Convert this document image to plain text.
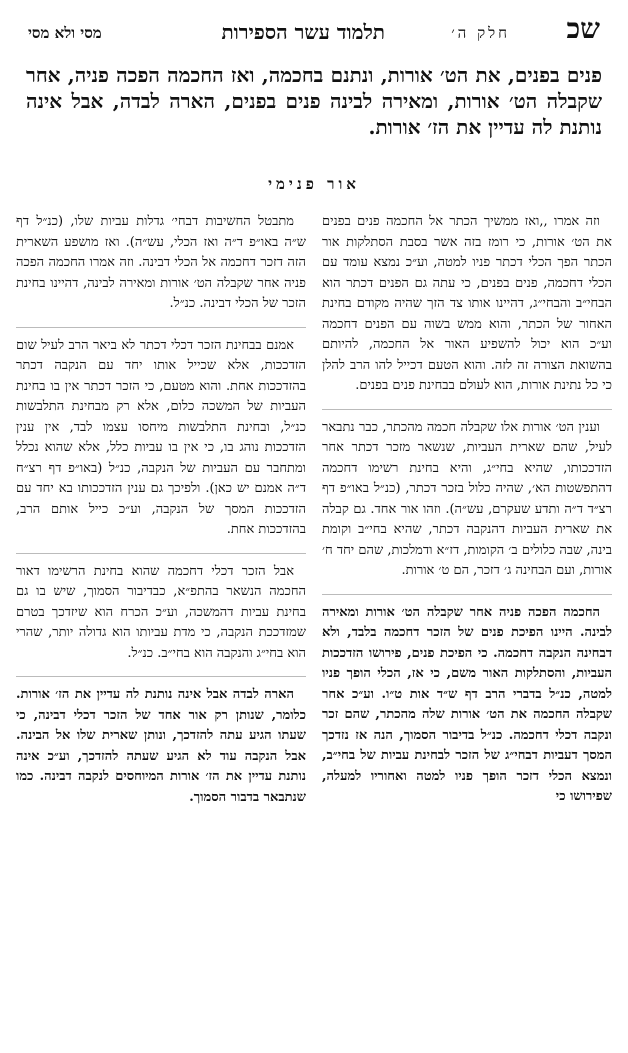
שכ
חלק ה׳
תלמוד עשר הספירות
מסי ולא מסי
פנים בפנים, את הט׳ אורות, ונתנם בחכמה, ואז החכמה הפכה פניה, אחר שקבלה הט׳ אורות, ומאירה לבינה פנים בפנים, הארה לבדה, אבל אינה נותנת לה עדיין את הז׳ אורות.
אור פנימי

וזה אמרו ,,ואז ממשיך הכתר אל החכמה פנים בפנים את הט׳ אורות, כי רומז בזה אשר בסבת הסתלקות אור הכתר הפך הכלי דכתר פניו למטה, וע״כ נמצא עומד עם הכלי דחכמה, פנים בפנים, כי עתה גם הפנים דכתר הוא הבחי״ב והבחי״ג, דהיינו אותו צד הזך שהיה מקודם בחינת האחור של הכתר, והוא ממש בשוה עם הפנים דחכמה וע״כ הוא יכול להשפיע האור אל החכמה, להיותם בהשואת הצורה זה לזה. והוא הטעם דכייל להו הרב להלן כי כל נתינת אורות, הוא לעולם בבחינת פנים בפנים.

וענין הט׳ אורות אלו שקבלה חכמה מהכתר, כבר נתבאר לעיל, שהם שארית העביות, שנשאר מזכר דכתר אחר הזדככותו, שהיא בחי״ג, והיא בחינת רשימו דחכמה דהתפשטות הא׳, שהיה כלול בזכר דכתר, (כנ״ל באו״פ דף רצ״ד ד״ה ותדע שעקרם, עש״ה). וזהו אור אחד. גם קבלה את שארית העביות דהנקבה דכתר, שהיא בחי״ב וקומת בינה, שבה כלולים ב׳ הקומות, דז״א ודמלכות, שהם יחד ח׳ אורות, ועם הבחינה ג׳ דזכר, הם ט׳ אורות.

החכמה הפכה פניה אחר שקבלה הט׳ אורות ומאירה לבינה. היינו הפיכת פנים של הזכר דחכמה בלבד, ולא דבחינה הנקבה דחכמה. כי הפיכת פנים, פירושו הזדככות העביות, והסתלקות האור משם, כי אז, הכלי הופך פניו למטה, כנ״ל בדברי הרב דף ש״ד אות ט״ו. וע״כ אחר שקבלה החכמה את הט׳ אורות שלה מהכתר, שהם זכר ונקבה דכלי דחכמה. כנ״ל בדיבור הסמוך, הנה אז נזדכך המסך דעביות דבחי״ג של הזכר לבחינת עביות של בחי״ב, ונמצא הכלי דזכר הופך פניו למטה ואחוריו למעלה, שפירושו כי

מתבטל החשיבות דבחי׳ גדלות עביות שלו, (כנ״ל דף ש״ה באו״פ ד״ה ואז הכלי, עש״ה). ואז מושפע השארית הזה דזכר דחכמה אל הכלי דבינה. וזה אמרו החכמה הפכה פניה אחר שקבלה הט׳ אורות ומאירה לבינה, דהיינו בחינת הזכר של הכלי דבינה. כנ״ל.

אמנם בבחינת הזכר דכלי דכתר לא ביאר הרב לעיל שום הזדככות, אלא שכייל אותו יחד עם הנקבה דכתר בהזדככות אחת. והוא מטעם, כי הזכר דכתר אין בו בחינת העביות של המשכה כלום, אלא רק מבחינת התלבשות כנ״ל, ובחינת התלבשות מיחסו עצמו לבד, אין ענין הזדככות נוהג בו, כי אין בו עביות כלל, אלא שהוא נכלל ומתחבר עם העביות של הנקבה, כנ״ל (באו״פ דף רצ״ח ד״ה אמנם יש כאן). ולפיכך גם ענין הזדככותו בא יחד עם הזדככות המסך של הנקבה, וע״כ כייל אותם הרב, בהזדככות אחת.

אבל הזכר דכלי דחכמה שהוא בחינת הרשימו דאור החכמה הנשאר בהתפ״א, כבדיבור הסמוך, שיש בו גם בחינת עביות דהמשכה, וע״כ הכרח הוא שיזדכך בטרם שמזדככת הנקבה, כי מדת עביותו הוא גדולה יותר, שהרי הוא בחי״ג והנקבה הוא בחי״ב. כנ״ל.

הארה לבדה אבל אינה נותנת לה עדיין את הז׳ אורות. כלומר, שנותן רק אור אחד של הזכר דכלי דבינה, כי שעתו הגיע עתה להזדכך, ונותן שארית שלו אל הבינה. אבל הנקבה עוד לא הגיע שעתה להזדכך, וע״כ אינה נותנת עדיין את הז׳ אורות המיוחסים לנקבה דבינה. כמו שנתבאר בדבור הסמוך.
